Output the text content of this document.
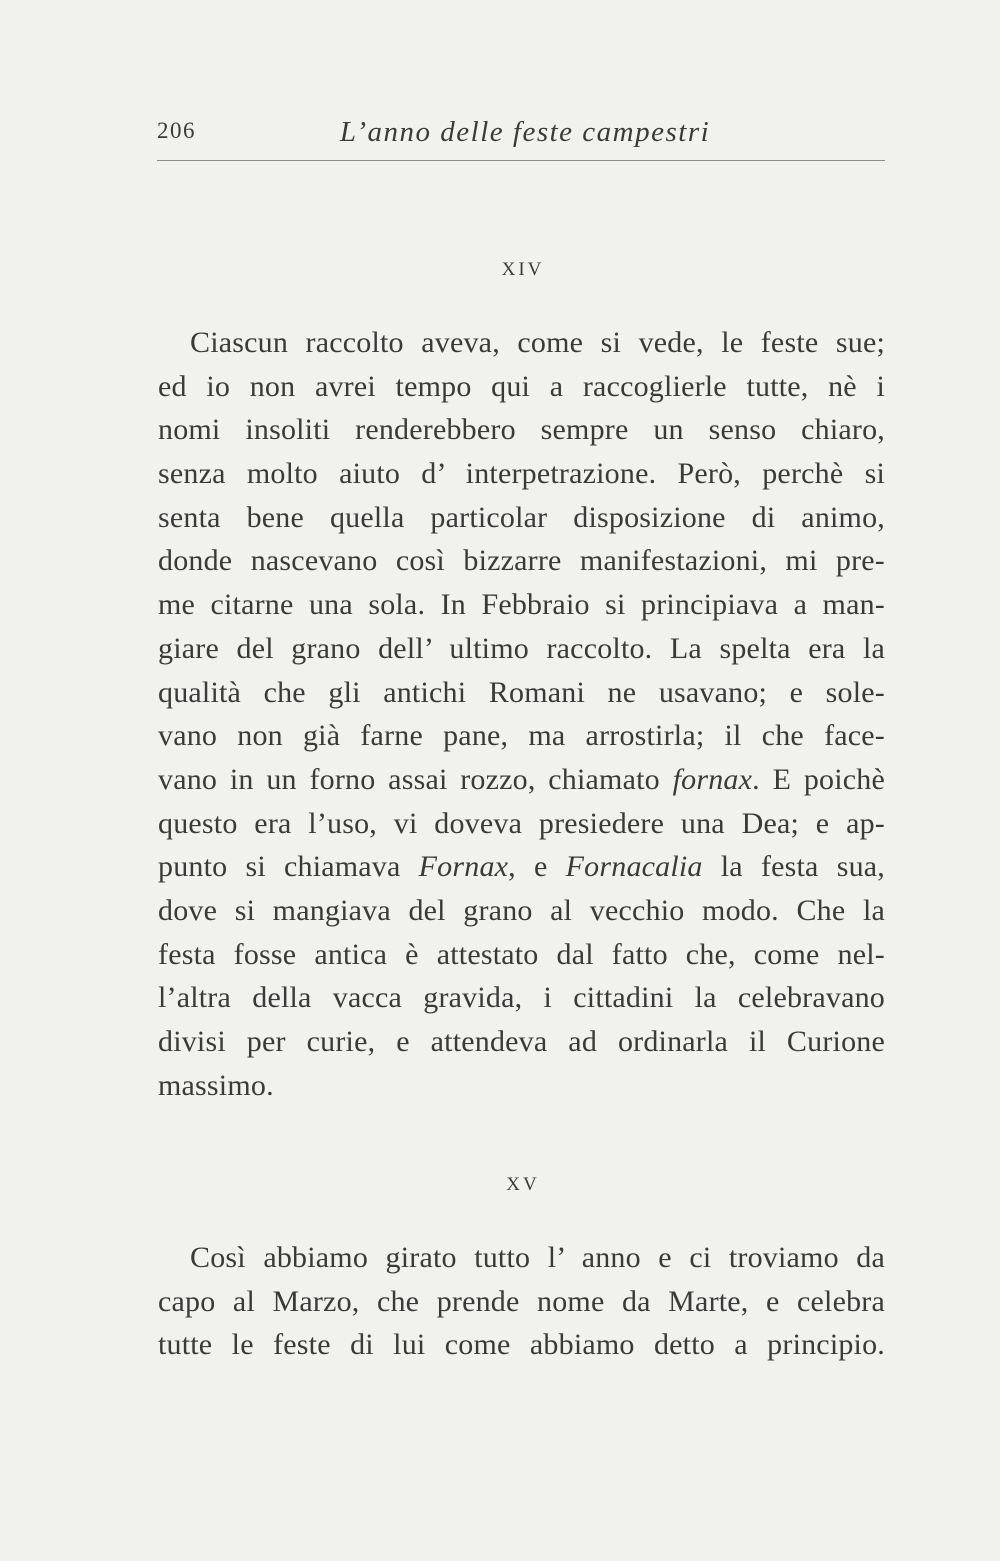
206	L’anno delle feste campestri
XIV
Ciascun raccolto aveva, come si vede, le feste sue;
ed io non avrei tempo qui a raccoglierle tutte, nè i
nomi insoliti renderebbero sempre un senso chiaro,
senza molto aiuto d’ interpetrazione. Però, perchè si
senta bene quella particolar disposizione di animo,
donde nascevano così bizzarre manifestazioni, mi pre-
me citarne una sola. In Febbraio si principiava a man-
giare del grano dell’ ultimo raccolto. La spelta era la
qualità che gli antichi Romani ne usavano; e sole-
vano non già farne pane, ma arrostirla; il che face-
vano in un forno assai rozzo, chiamato fornax. E poichè
questo era l’uso, vi doveva presiedere una Dea; e ap-
punto si chiamava Fornax, e Fornacalia la festa sua,
dove si mangiava del grano al vecchio modo. Che la
festa fosse antica è attestato dal fatto che, come nel-
l’altra della vacca gravida, i cittadini la celebravano
divisi per curie, e attendeva ad ordinarla il Curione
massimo.
XV
Così abbiamo girato tutto l’ anno e ci troviamo da
capo al Marzo, che prende nome da Marte, e celebra
tutte le feste di lui come abbiamo detto a principio.
